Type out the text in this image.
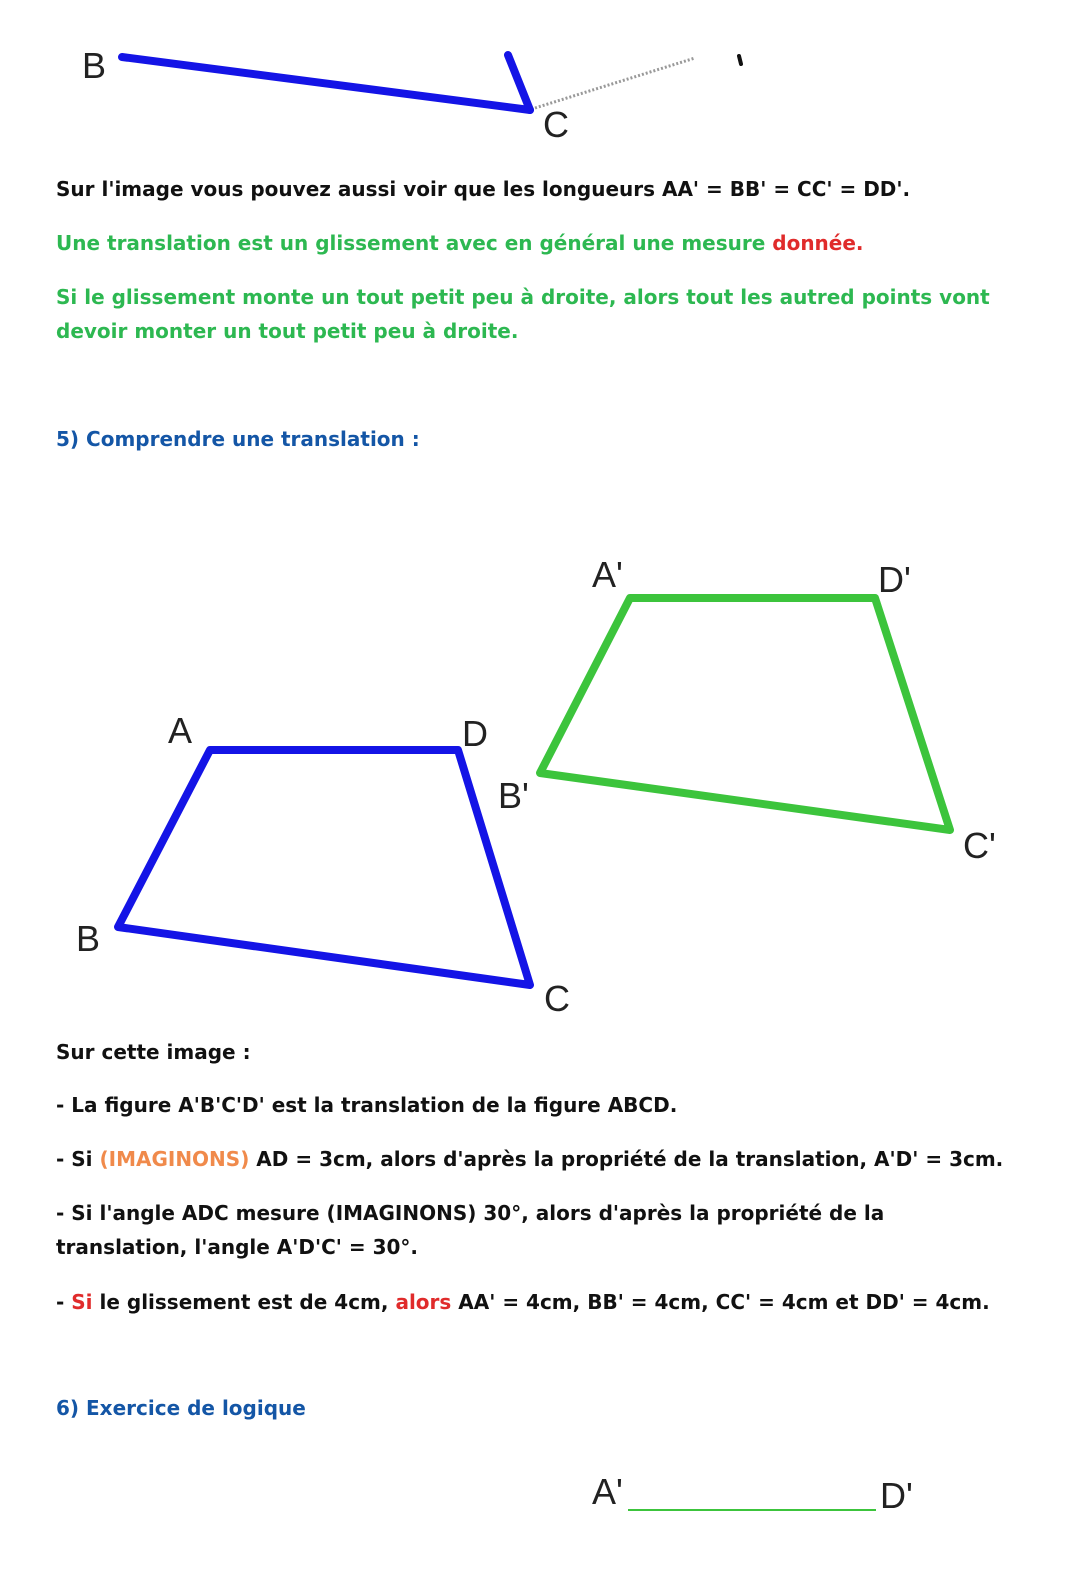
B
C

Sur l'image vous pouvez aussi voir que les longueurs AA' = BB' = CC' = DD'.

Une translation est un glissement avec en général une mesure donnée.

Si le glissement monte un tout petit peu à droite, alors tout les autred points vont devoir monter un tout petit peu à droite.

5) Comprendre une translation :

A	D
B
C
A'	D'
B'
C'

Sur cette image :

- La figure A'B'C'D' est la translation de la figure ABCD.

- Si (IMAGINONS) AD = 3cm, alors d'après la propriété de la translation, A'D' = 3cm.

- Si l'angle ADC mesure (IMAGINONS) 30°, alors d'après la propriété de la translation, l'angle A'D'C' = 30°.

- Si le glissement est de 4cm, alors AA' = 4cm, BB' = 4cm, CC' = 4cm et DD' = 4cm.

6) Exercice de logique

A'	D'
